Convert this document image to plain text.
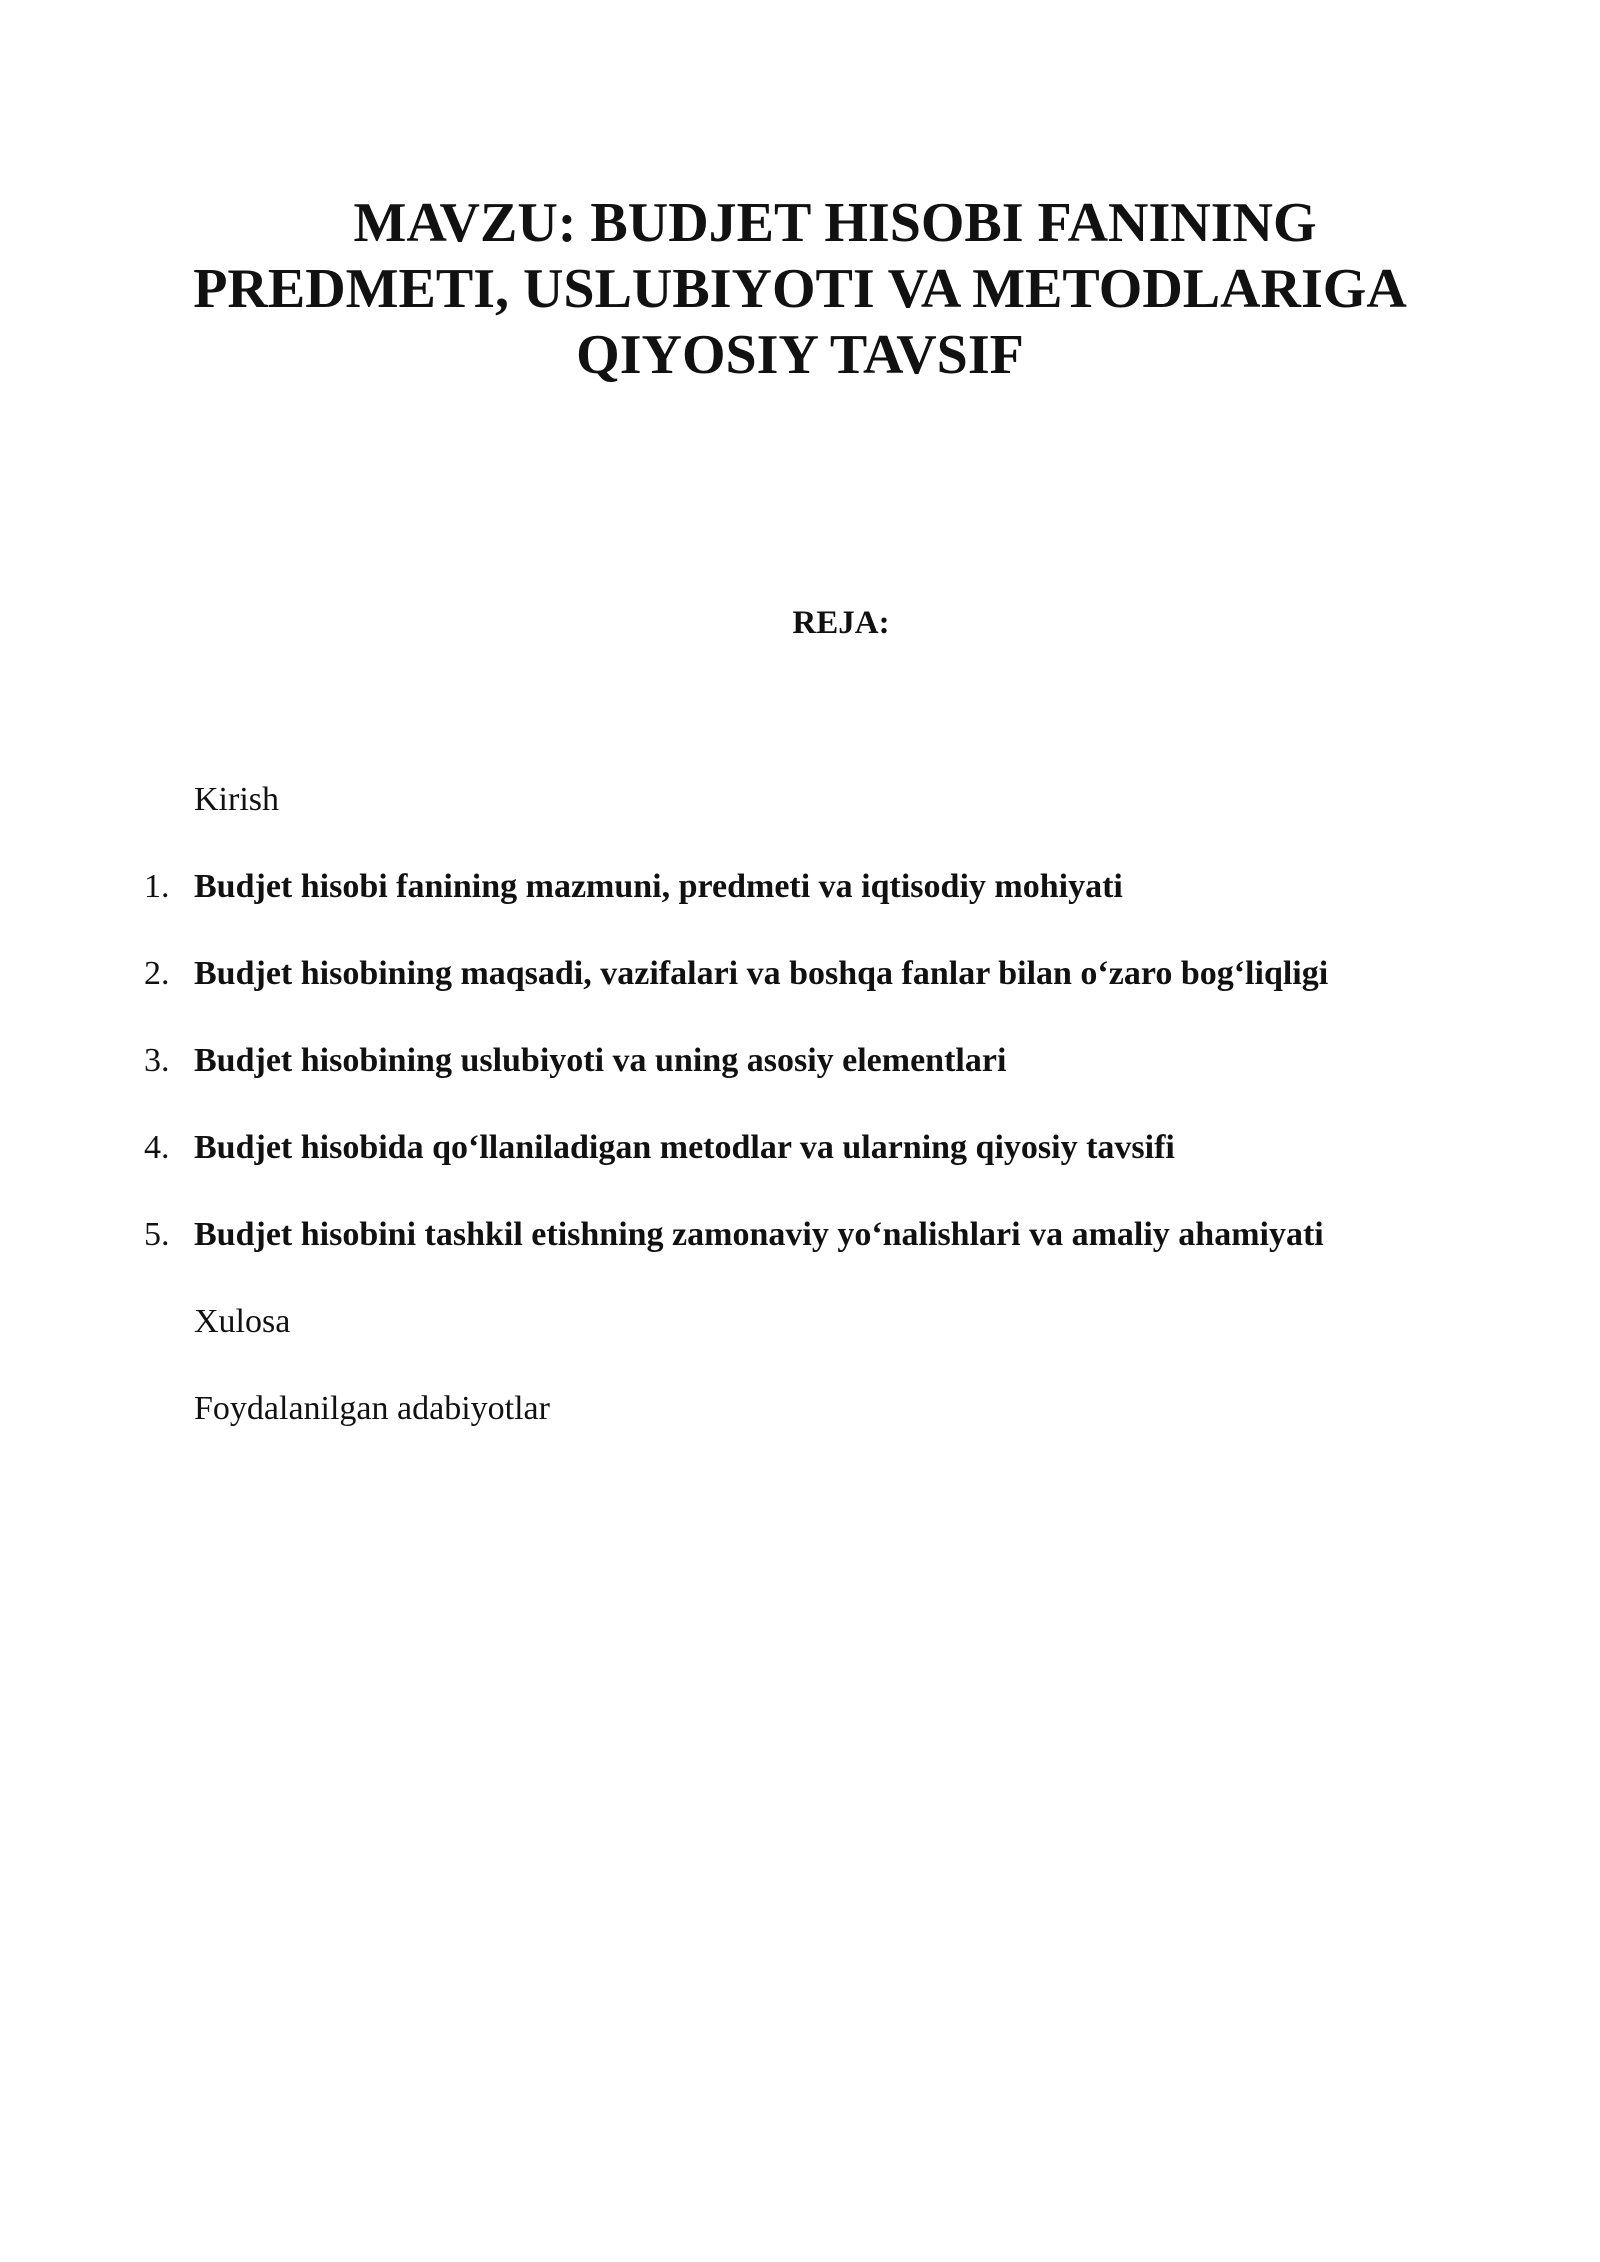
MAVZU: BUDJET HISOBI FANINING
PREDMETI, USLUBIYOTI VA METODLARIGA
QIYOSIY TAVSIF
REJA:
Kirish
1. Budjet hisobi fanining mazmuni, predmeti va iqtisodiy mohiyati
2. Budjet hisobining maqsadi, vazifalari va boshqa fanlar bilan o‘zaro bog‘liqligi
3. Budjet hisobining uslubiyoti va uning asosiy elementlari
4. Budjet hisobida qo‘llaniladigan metodlar va ularning qiyosiy tavsifi
5. Budjet hisobini tashkil etishning zamonaviy yo‘nalishlari va amaliy ahamiyati
Xulosa
Foydalanilgan adabiyotlar
